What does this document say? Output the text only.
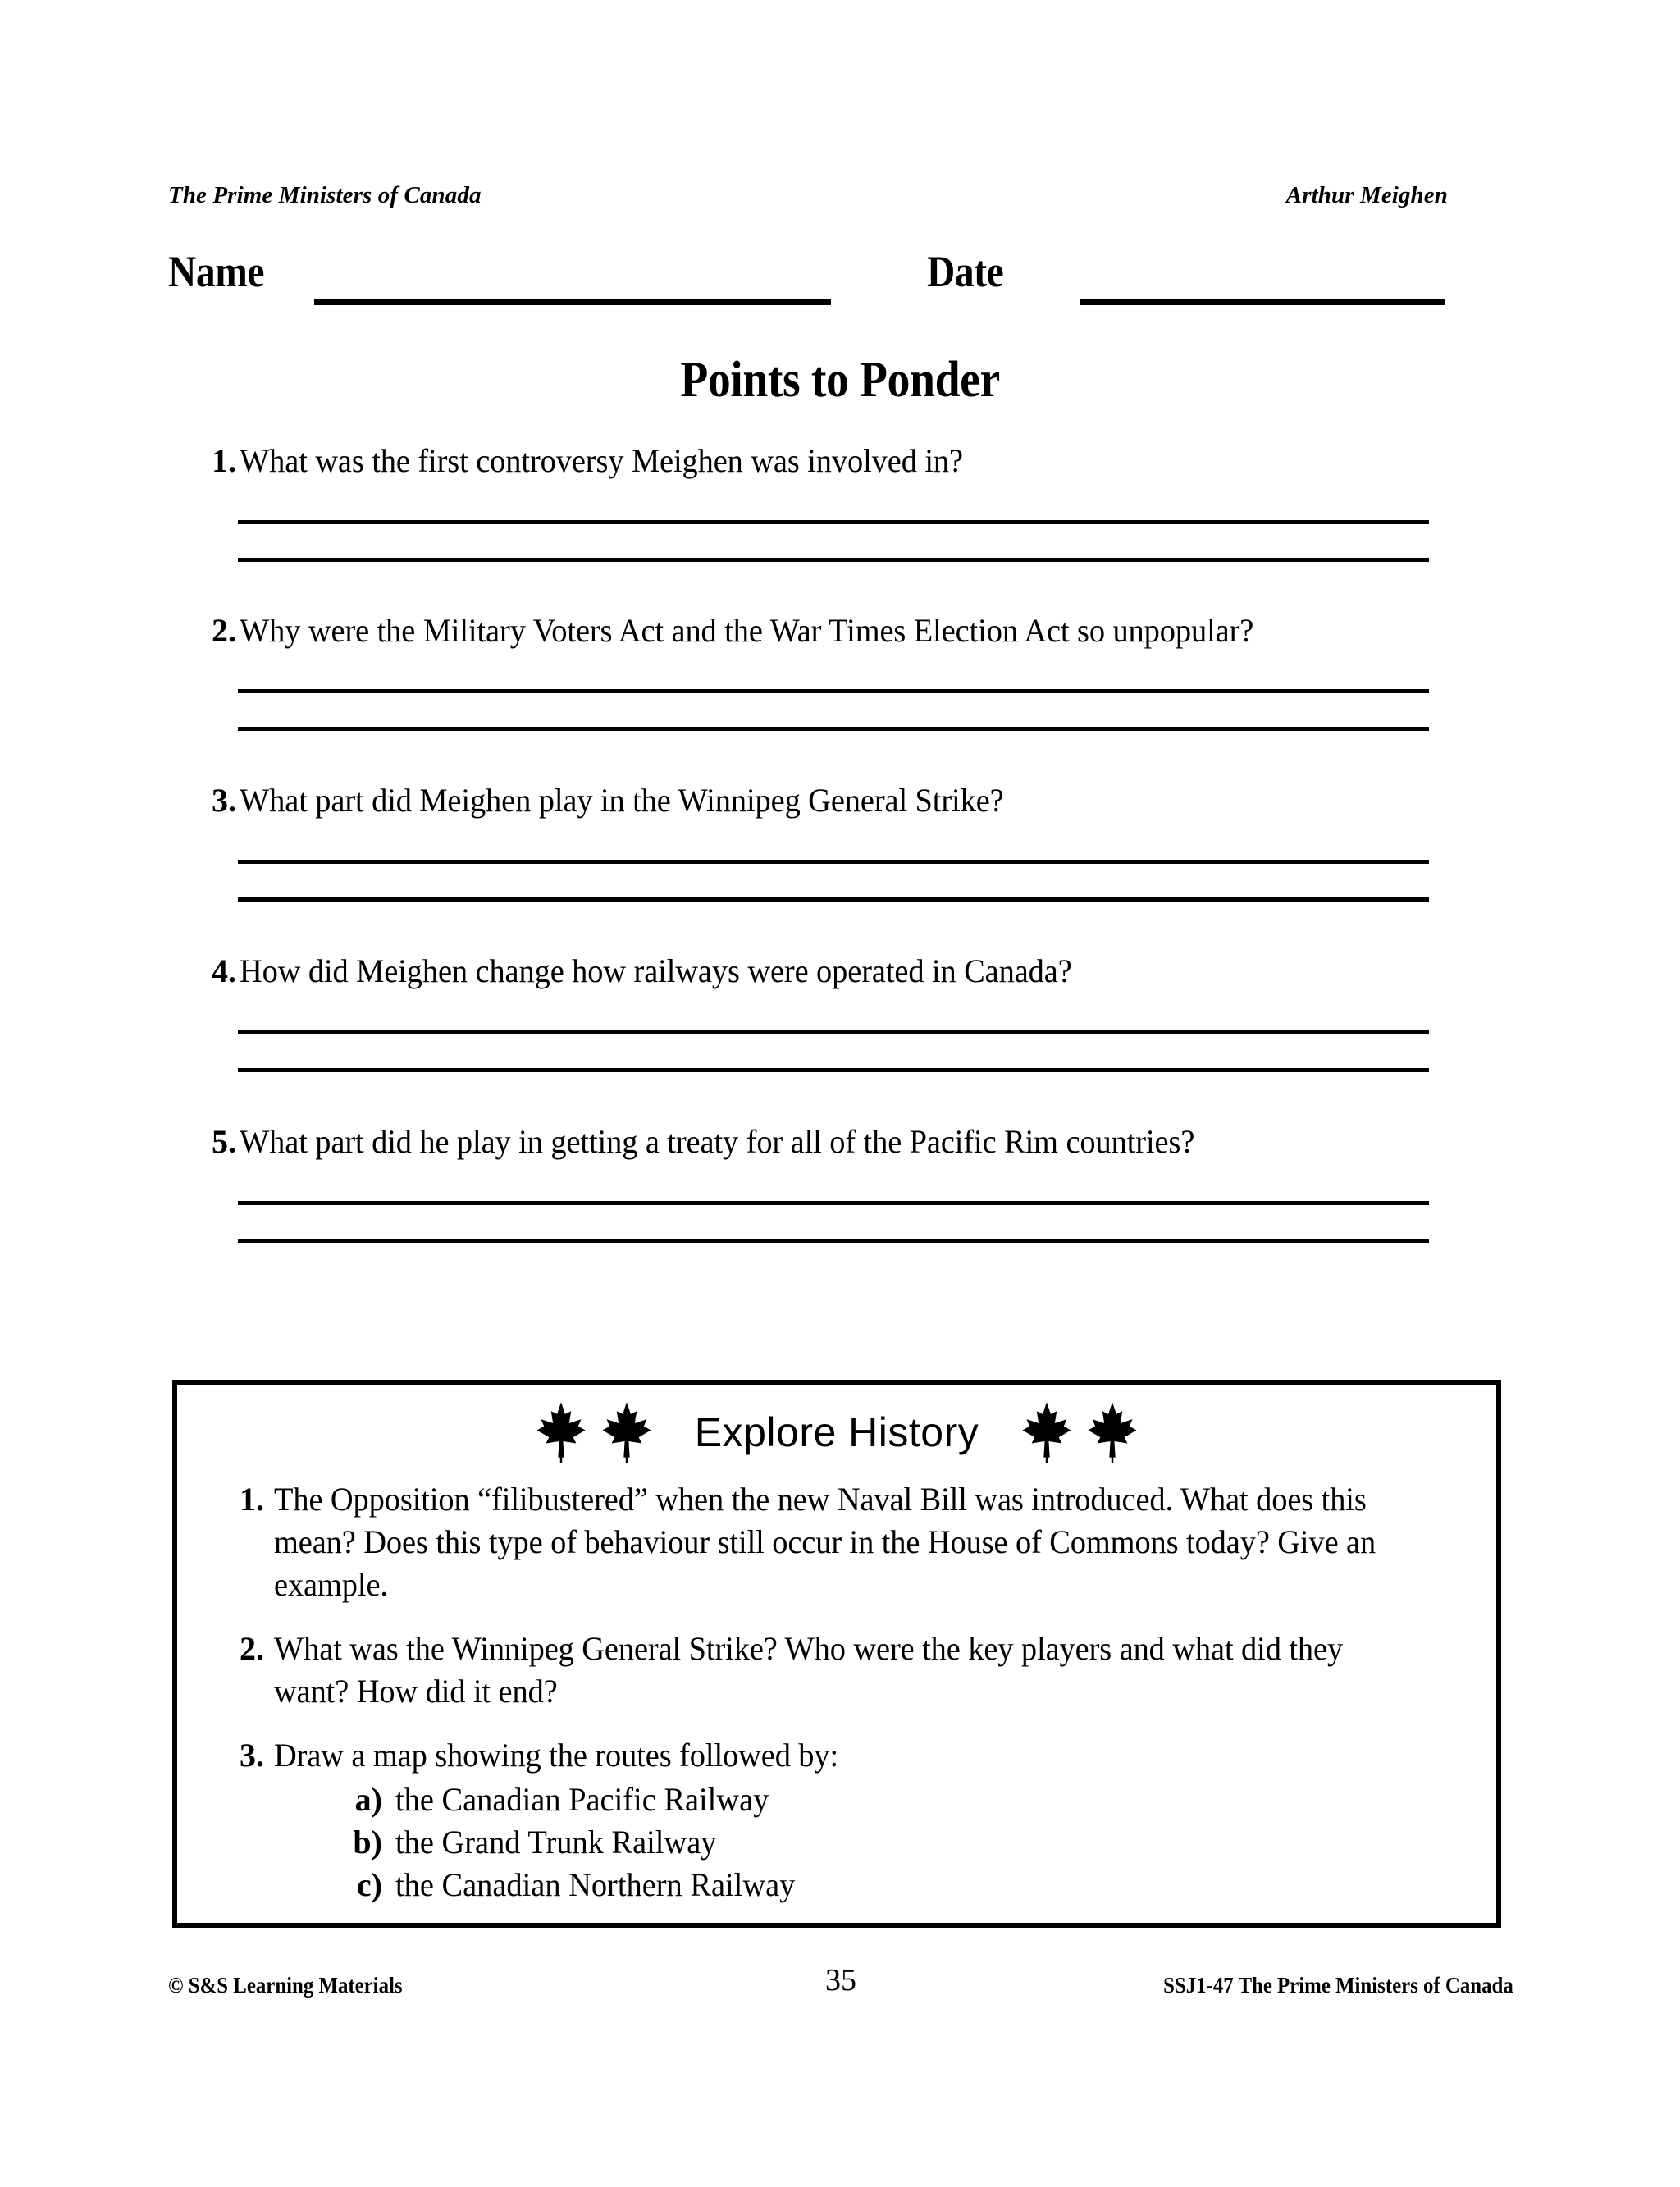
The Prime Ministers of Canada	Arthur Meighen
Name	Date
Points to Ponder
1. What was the first controversy Meighen was involved in?
2. Why were the Military Voters Act and the War Times Election Act so unpopular?
3. What part did Meighen play in the Winnipeg General Strike?
4. How did Meighen change how railways were operated in Canada?
5. What part did he play in getting a treaty for all of the Pacific Rim countries?
Explore History
1. The Opposition “filibustered” when the new Naval Bill was introduced. What does this mean? Does this type of behaviour still occur in the House of Commons today? Give an example.
2. What was the Winnipeg General Strike? Who were the key players and what did they want? How did it end?
3. Draw a map showing the routes followed by:
a) the Canadian Pacific Railway
b) the Grand Trunk Railway
c) the Canadian Northern Railway
© S&S Learning Materials	35	SSJ1-47 The Prime Ministers of Canada
